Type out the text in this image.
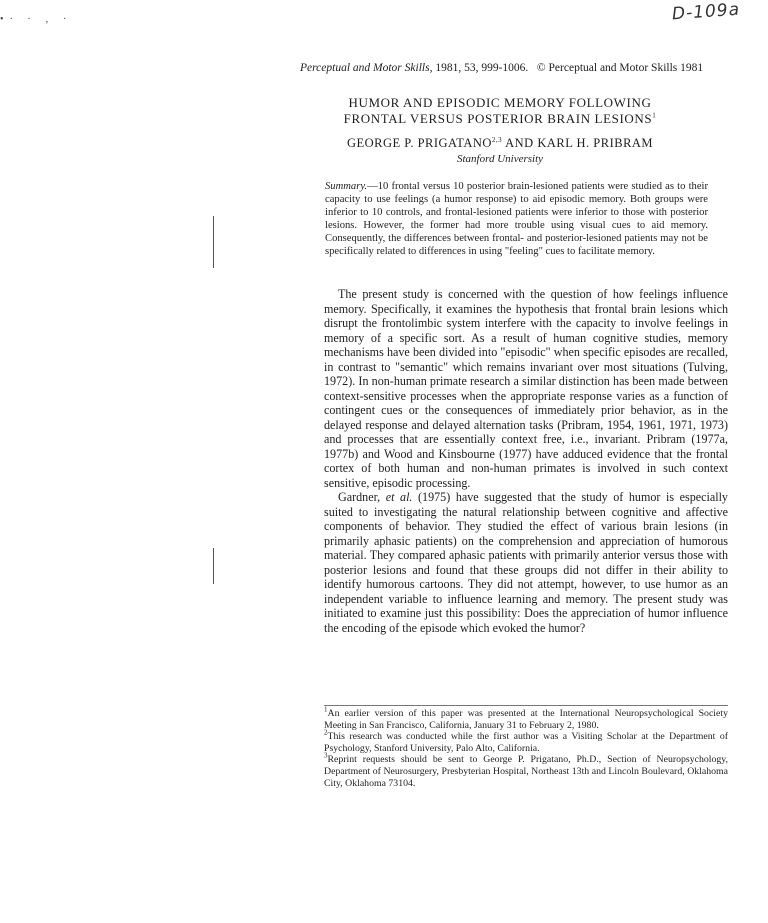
•· · ‚ ·	D-109a
Perceptual and Motor Skills, 1981, 53, 999-1006. © Perceptual and Motor Skills 1981
HUMOR AND EPISODIC MEMORY FOLLOWING
FRONTAL VERSUS POSTERIOR BRAIN LESIONS$^1$
GEORGE P. PRIGATANO$^{2,3}$ AND KARL H. PRIBRAM
Stanford University
Summary.—10 frontal versus 10 posterior brain-lesioned patients were studied as to their capacity to use feelings (a humor response) to aid episodic memory. Both groups were inferior to 10 controls, and frontal-lesioned patients were inferior to those with posterior lesions. However, the former had more trouble using visual cues to aid memory. Consequently, the differences between frontal- and posterior-lesioned patients may not be specifically related to differences in using "feeling" cues to facilitate memory.

The present study is concerned with the question of how feelings influence memory. Specifically, it examines the hypothesis that frontal brain lesions which disrupt the frontolimbic system interfere with the capacity to involve feelings in memory of a specific sort. As a result of human cognitive studies, memory mechanisms have been divided into "episodic" when specific episodes are recalled, in contrast to "semantic" which remains invariant over most situations (Tulving, 1972). In non-human primate research a similar distinction has been made between context-sensitive processes when the appropriate response varies as a function of contingent cues or the consequences of immediately prior behavior, as in the delayed response and delayed alternation tasks (Pribram, 1954, 1961, 1971, 1973) and processes that are essentially context free, i.e., invariant. Pribram (1977a, 1977b) and Wood and Kinsbourne (1977) have adduced evidence that the frontal cortex of both human and non-human primates is involved in such context sensitive, episodic processing.

Gardner, et al. (1975) have suggested that the study of humor is especially suited to investigating the natural relationship between cognitive and affective components of behavior. They studied the effect of various brain lesions (in primarily aphasic patients) on the comprehension and appreciation of humorous material. They compared aphasic patients with primarily anterior versus those with posterior lesions and found that these groups did not differ in their ability to identify humorous cartoons. They did not attempt, however, to use humor as an independent variable to influence learning and memory. The present study was initiated to examine just this possibility: Does the appreciation of humor influence the encoding of the episode which evoked the humor?

$^1$An earlier version of this paper was presented at the International Neuropsychological Society Meeting in San Francisco, California, January 31 to February 2, 1980.

$^2$This research was conducted while the first author was a Visiting Scholar at the Department of Psychology, Stanford University, Palo Alto, California.

$^3$Reprint requests should be sent to George P. Prigatano, Ph.D., Section of Neuropsychology, Department of Neurosurgery, Presbyterian Hospital, Northeast 13th and Lincoln Boulevard, Oklahoma City, Oklahoma 73104.
